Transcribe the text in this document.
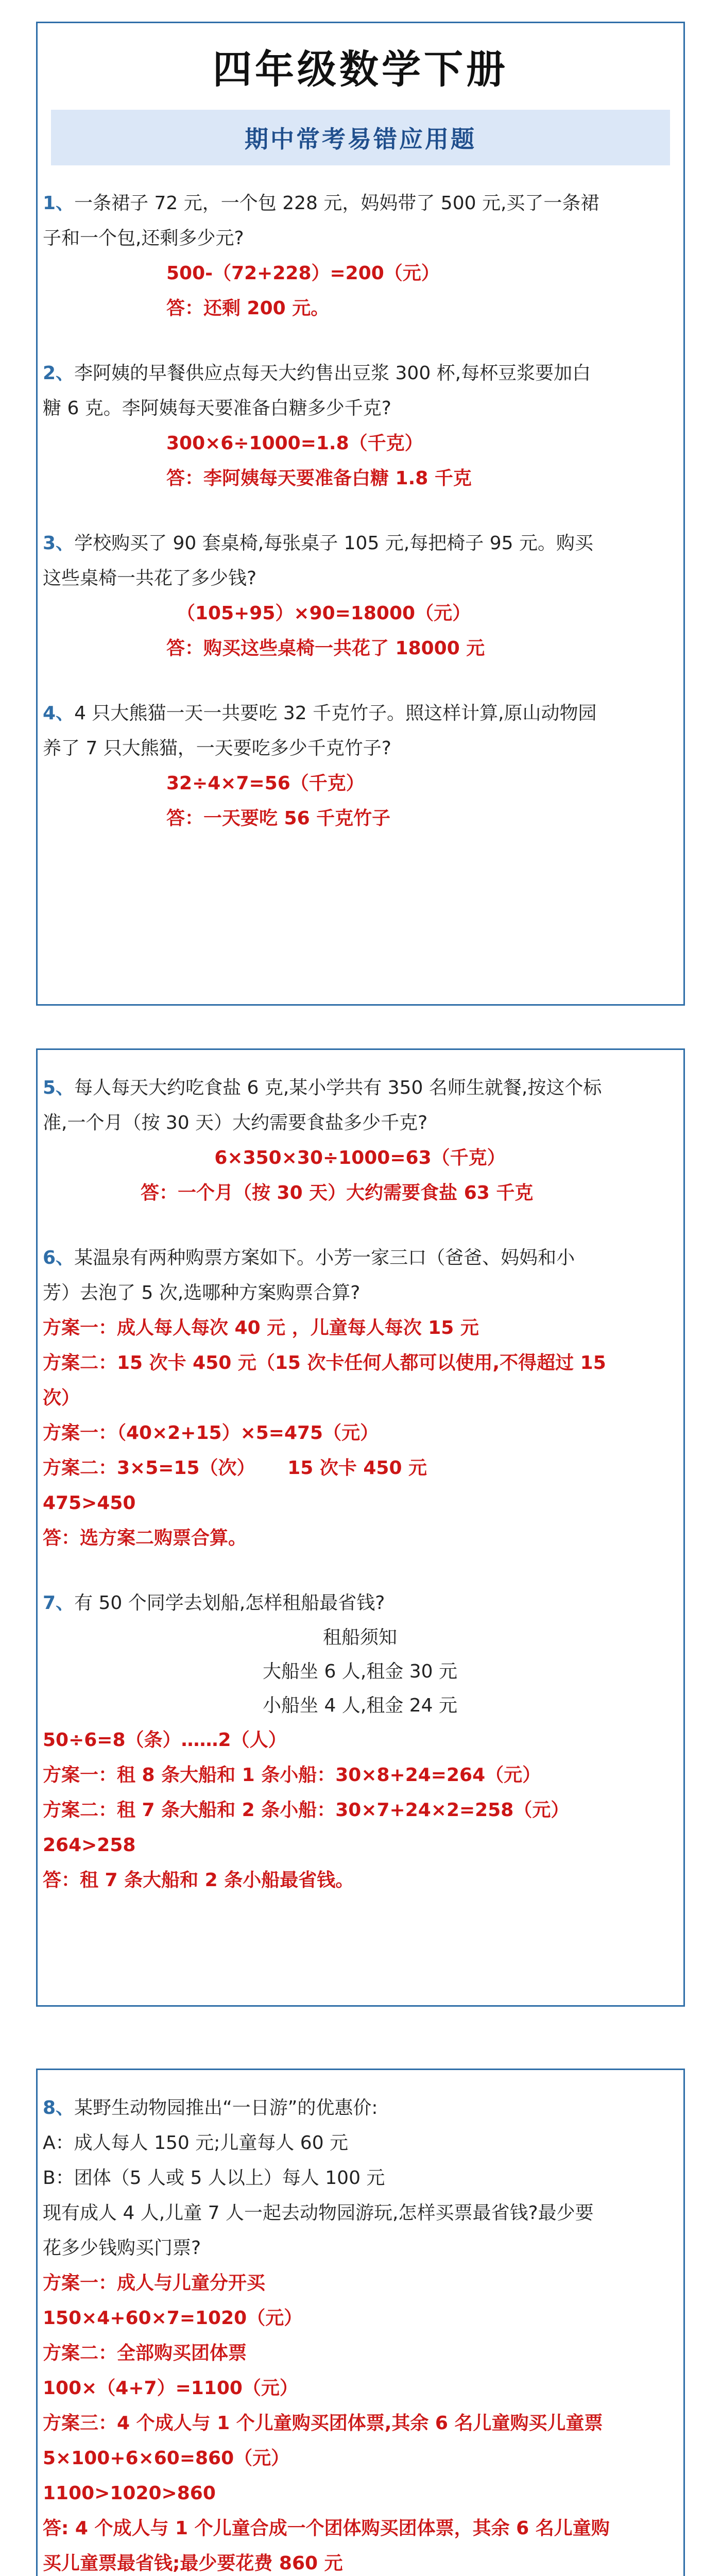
四年级数学下册
期中常考易错应用题
1、一条裙子 72 元，一个包 228 元，妈妈带了 500 元,买了一条裙
子和一个包,还剩多少元?
500-（72+228）=200（元）
答：还剩 200 元。
2、李阿姨的早餐供应点每天大约售出豆浆 300 杯,每杯豆浆要加白
糖 6 克。李阿姨每天要准备白糖多少千克?
300×6÷1000=1.8（千克）
答：李阿姨每天要准备白糖 1.8 千克
3、学校购买了 90 套桌椅,每张桌子 105 元,每把椅子 95 元。购买
这些桌椅一共花了多少钱?
（105+95）×90=18000（元）
答：购买这些桌椅一共花了 18000 元
4、4 只大熊猫一天一共要吃 32 千克竹子。照这样计算,原山动物园
养了 7 只大熊猫，一天要吃多少千克竹子?
32÷4×7=56（千克）
答：一天要吃 56 千克竹子
5、每人每天大约吃食盐 6 克,某小学共有 350 名师生就餐,按这个标
准,一个月（按 30 天）大约需要食盐多少千克?
6×350×30÷1000=63（千克）
答：一个月（按 30 天）大约需要食盐 63 千克
6、某温泉有两种购票方案如下。小芳一家三口（爸爸、妈妈和小
芳）去泡了 5 次,选哪种方案购票合算?
方案一：成人每人每次 40 元 ，儿童每人每次 15 元
方案二：15 次卡 450 元（15 次卡任何人都可以使用,不得超过 15
次）
方案一：（40×2+15）×5=475（元）
方案二：3×5=15（次）     15 次卡 450 元
475>450
答：选方案二购票合算。
7、有 50 个同学去划船,怎样租船最省钱?
租船须知
大船坐 6 人,租金 30 元
小船坐 4 人,租金 24 元
50÷6=8（条）……2（人）
方案一：租 8 条大船和 1 条小船：30×8+24=264（元）
方案二：租 7 条大船和 2 条小船：30×7+24×2=258（元）
264>258
答：租 7 条大船和 2 条小船最省钱。
8、某野生动物园推出“一日游”的优惠价:
A：成人每人 150 元;儿童每人 60 元
B：团体（5 人或 5 人以上）每人 100 元
现有成人 4 人,儿童 7 人一起去动物园游玩,怎样买票最省钱?最少要
花多少钱购买门票?
方案一：成人与儿童分开买
150×4+60×7=1020（元）
方案二：全部购买团体票
100×（4+7）=1100（元）
方案三：4 个成人与 1 个儿童购买团体票,其余 6 名儿童购买儿童票
5×100+6×60=860（元）
1100>1020>860
答: 4 个成人与 1 个儿童合成一个团体购买团体票，其余 6 名儿童购
买儿童票最省钱;最少要花费 860 元
